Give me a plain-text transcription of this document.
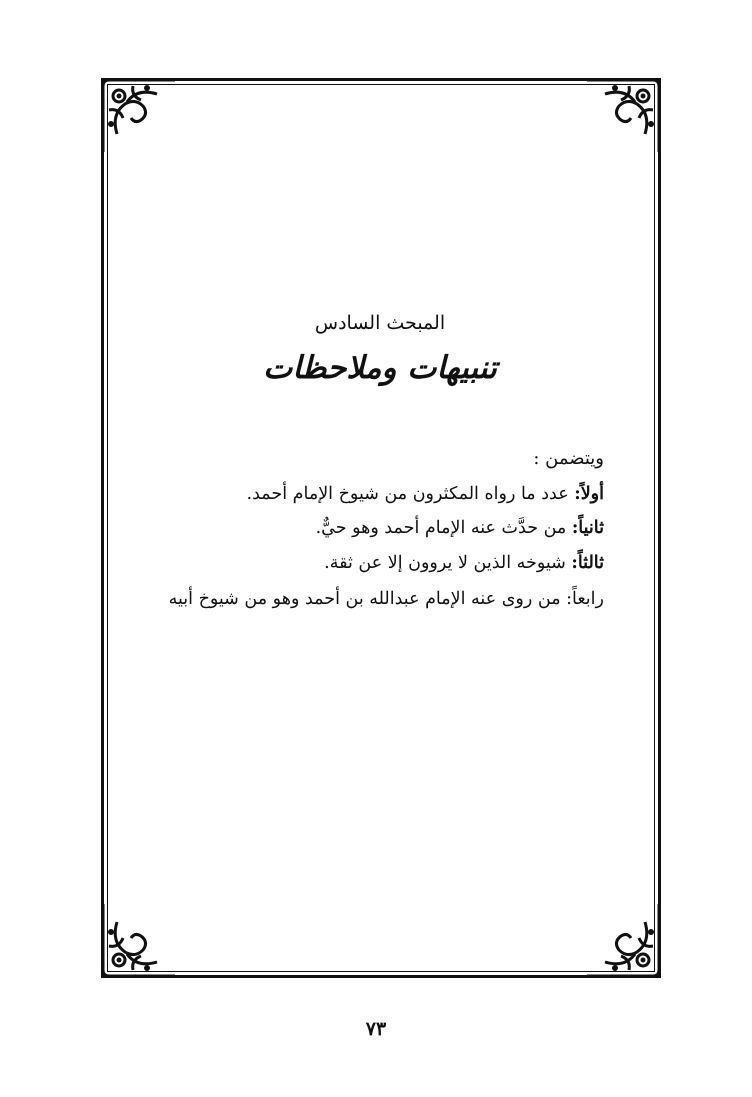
المبحث السادس
تنبيهات وملاحظات
ويتضمن :
أولاً: عدد ما رواه المكثرون من شيوخ الإمام أحمد.
ثانياً: من حدَّث عنه الإمام أحمد وهو حيٌّ.
ثالثاً: شيوخه الذين لا يروون إلا عن ثقة.
رابعاً: من روى عنه الإمام عبدالله بن أحمد وهو من شيوخ أبيه
٧٣
